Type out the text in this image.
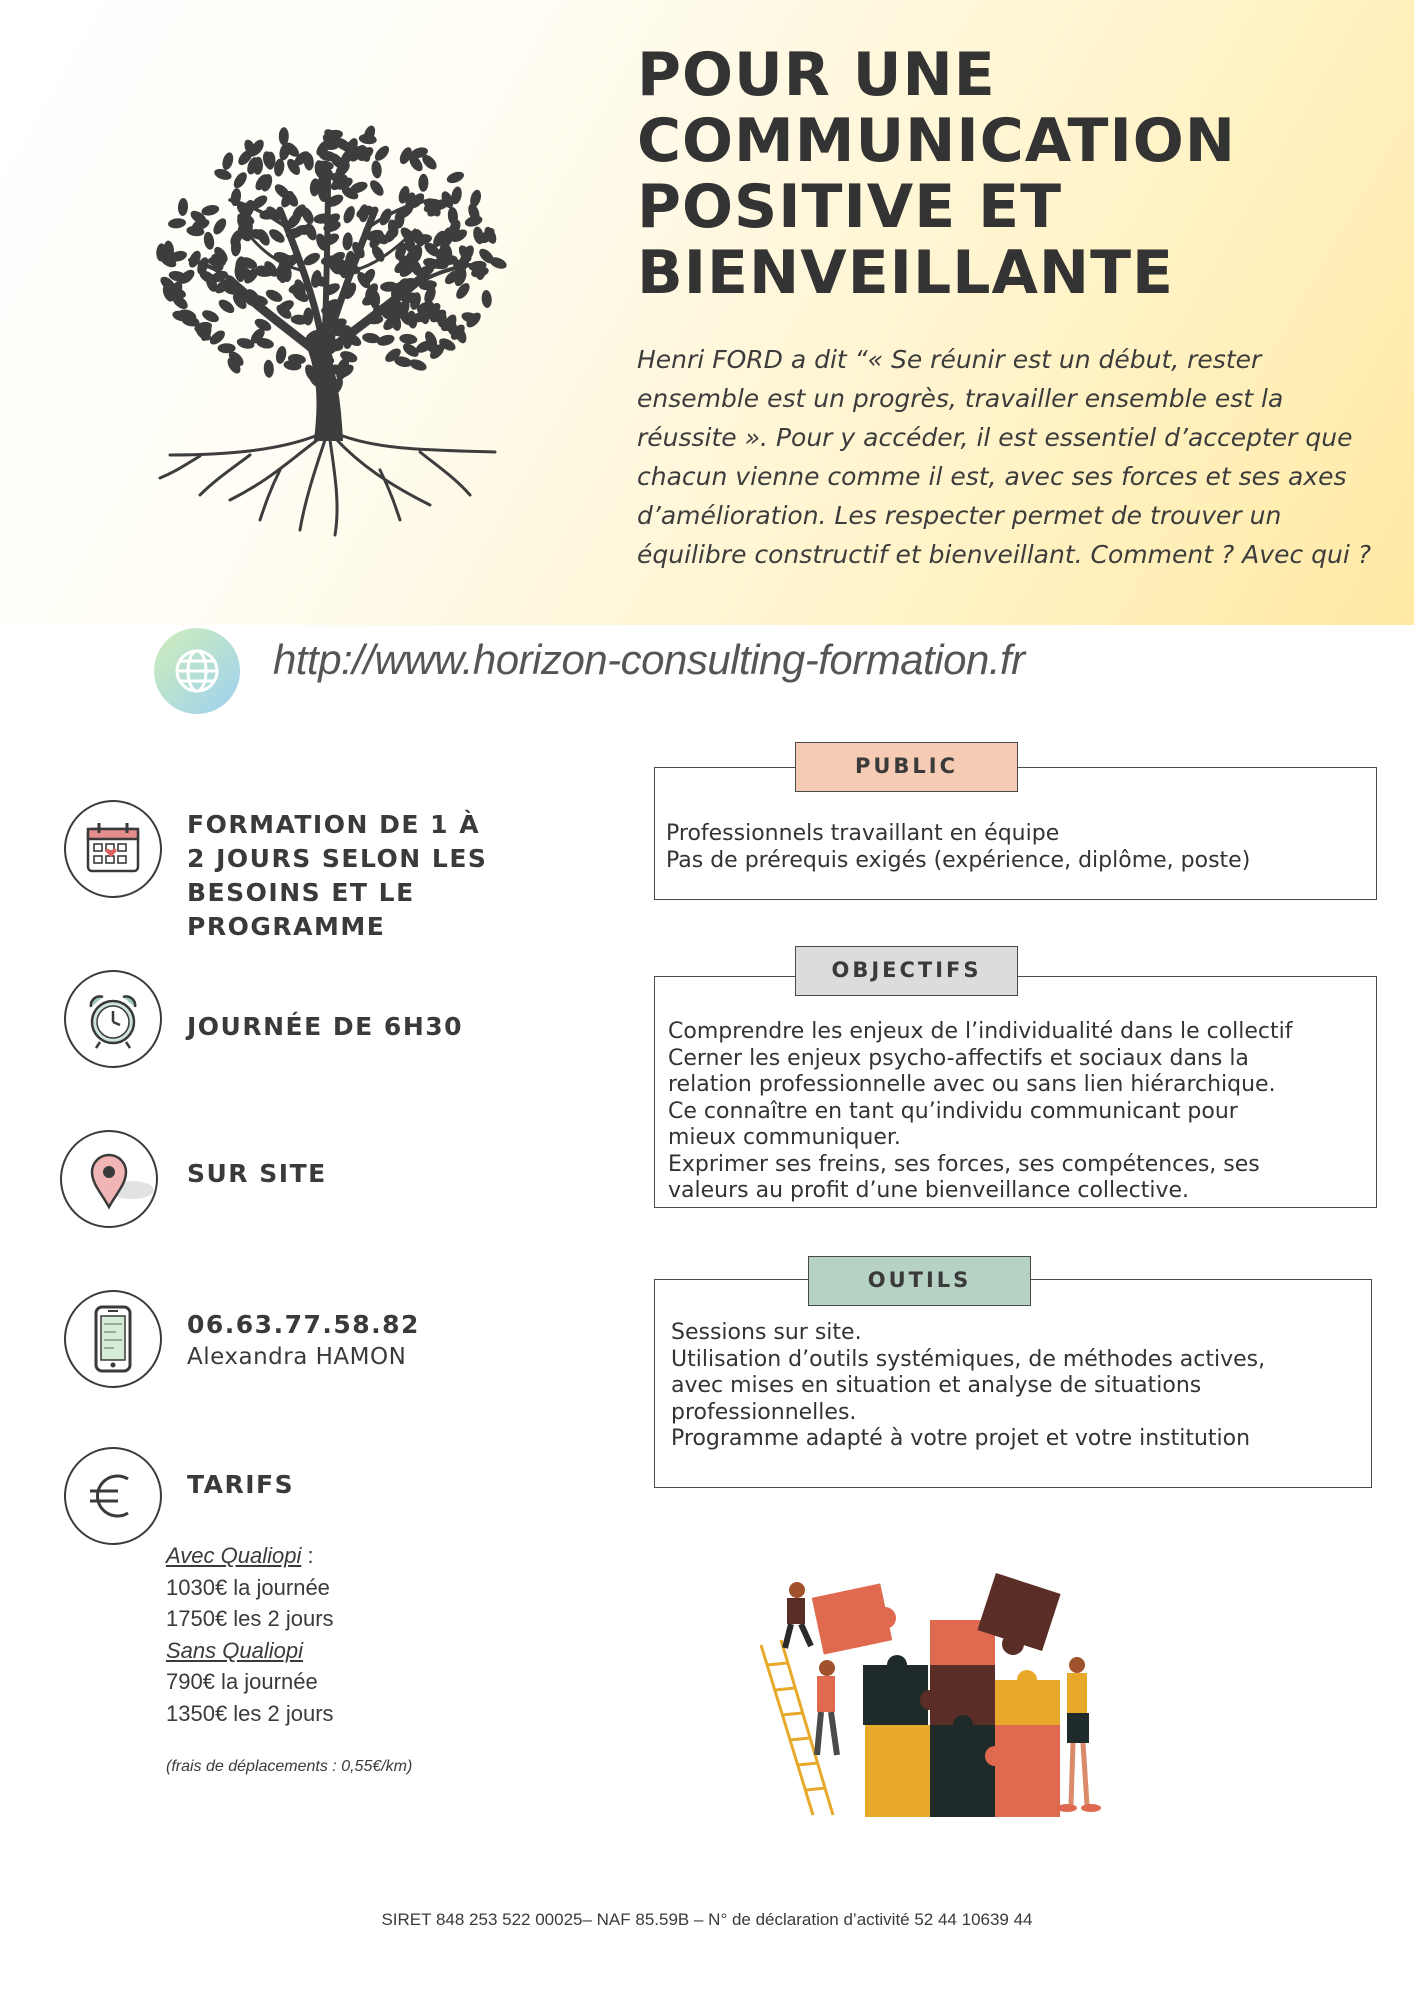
POUR UNE
COMMUNICATION
POSITIVE ET
BIENVEILLANTE

Henri FORD a dit “« Se réunir est un début, rester ensemble est un progrès, travailler ensemble est la réussite ». Pour y accéder, il est essentiel d’accepter que chacun vienne comme il est, avec ses forces et ses axes d’amélioration. Les respecter permet de trouver un équilibre constructif et bienveillant. Comment ? Avec qui ?

http://www.horizon-consulting-formation.fr

FORMATION DE 1 À
2 JOURS SELON LES
BESOINS ET LE
PROGRAMME
JOURNÉE DE 6H30
SUR SITE
06.63.77.58.82
Alexandra HAMON
TARIFS
Avec Qualiopi :
1030€ la journée
1750€ les 2 jours
Sans Qualiopi
790€ la journée
1350€ les 2 jours

(frais de déplacements : 0,55€/km)

PUBLIC

Professionnels travaillant en équipe
Pas de prérequis exigés (expérience, diplôme, poste)

OBJECTIFS

Comprendre les enjeux de l’individualité dans le collectif
Cerner les enjeux psycho-affectifs et sociaux dans la
relation professionnelle avec ou sans lien hiérarchique.
Ce connaître en tant qu’individu communicant pour
mieux communiquer.
Exprimer ses freins, ses forces, ses compétences, ses
valeurs au profit d’une bienveillance collective.

OUTILS

Sessions sur site.
Utilisation d’outils systémiques, de méthodes actives,
avec mises en situation et analyse de situations
professionnelles.
Programme adapté à votre projet et votre institution

SIRET 848 253 522 00025– NAF 85.59B – N° de déclaration d’activité 52 44 10639 44
